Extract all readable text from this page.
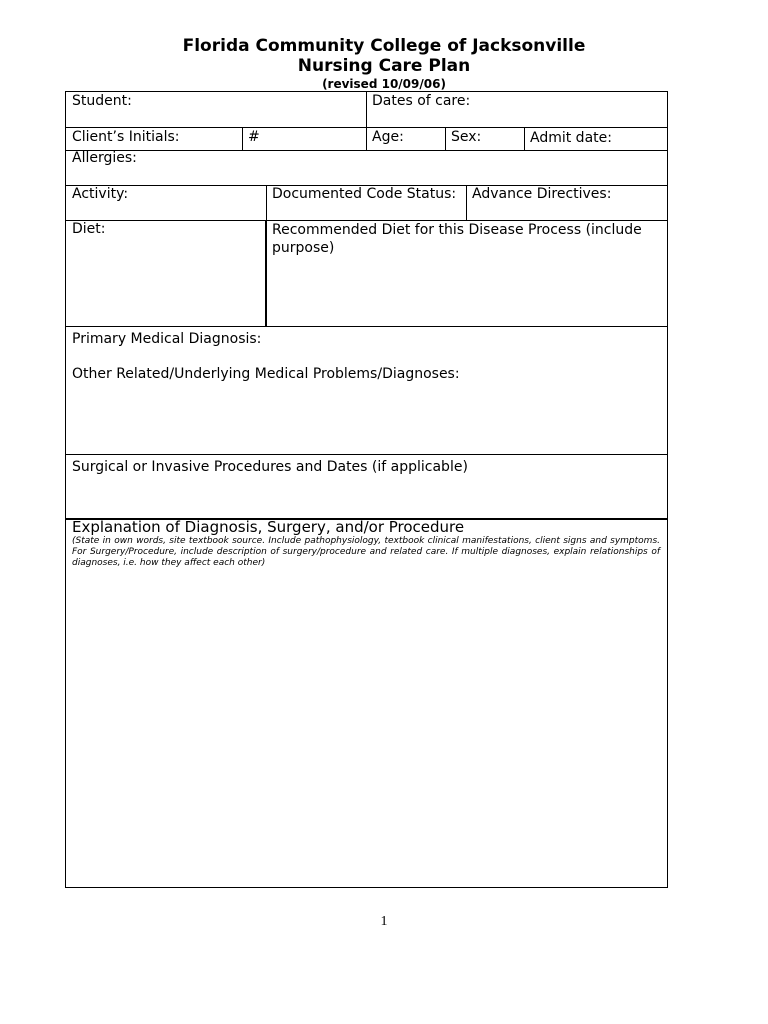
Florida Community College of Jacksonville
Nursing Care Plan
(revised 10/09/06)
Student:	Dates of care:
Client’s Initials:	#	Age:	Sex:	Admit date:
Allergies:
Activity:	Documented Code Status:	Advance Directives:
Diet:	Recommended Diet for this Disease Process (include purpose)
Primary Medical Diagnosis:
Other Related/Underlying Medical Problems/Diagnoses:
Surgical or Invasive Procedures and Dates (if applicable)
Explanation of Diagnosis, Surgery, and/or Procedure
(State in own words, site textbook source. Include pathophysiology, textbook clinical manifestations, client signs and symptoms. For Surgery/Procedure, include description of surgery/procedure and related care. If multiple diagnoses, explain relationships of diagnoses, i.e. how they affect each other)
1
